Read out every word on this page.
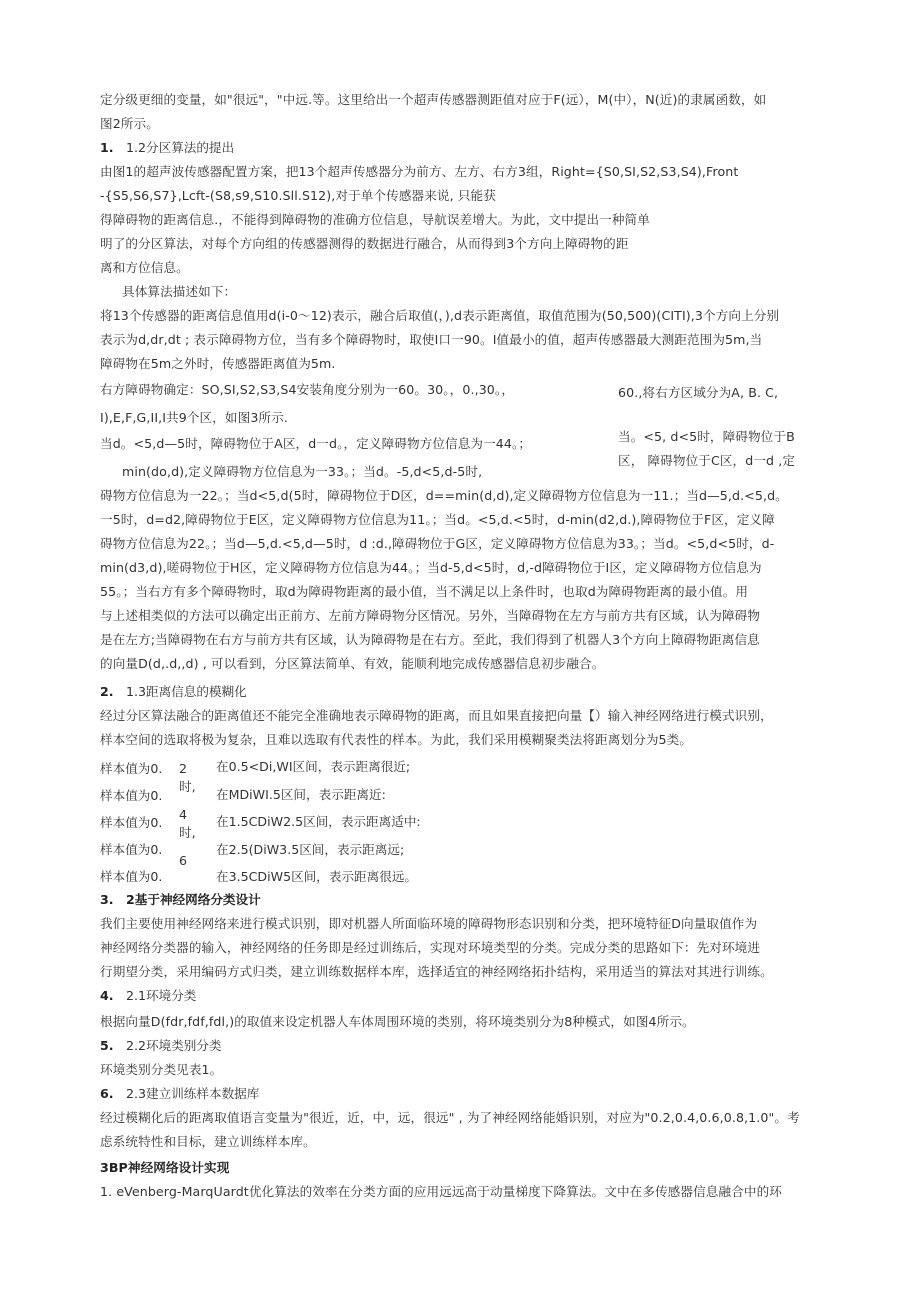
定分级更细的变量，如"很远"，"中远.等。这里给出一个超声传感器测距值对应于F(远），M(中），N(近)的隶属函数，如
图2所示。
1. 1.2分区算法的提出
由图1的超声波传感器配置方案，把13个超声传感器分为前方、左方、右方3组，Right={S0,SI,S2,S3,S4),Front
-{S5,S6,S7},Lcft-(S8,s9,S10.Sll.S12),对于单个传感器来说, 只能获
得障碍物的距离信息.，不能得到障碍物的准确方位信息，导航误差增大。为此，文中提出一种简单
明了的分区算法，对每个方向组的传感器测得的数据进行融合，从而得到3个方向上障碍物的距
离和方位信息。
具体算法描述如下：
将13个传感器的距离信息值用d(i-0〜12)表示，融合后取值(，),d表示距离值，取值范围为(50,500)(CITI),3个方向上分别
表示为d,dr,dt ; 表示障碍物方位，当有多个障碍物时，取使I口一90。I值最小的值，超声传感器最大测距范围为5m,当
障碍物在5m之外时，传感器距离值为5m.
右方障碍物确定：SO,SI,S2,S3,S4安装角度分别为一60。30。，0.,30。，	60.,将右方区域分为A, B. C,
I),E,F,G,II,I共9个区，如图3所示.
当d。<5,d—5时，障碍物位于A区，d一d。，定义障碍物方位信息为一44。；	当。<5, d<5时，障碍物位于B
min(do,d),定义障碍物方位信息为一33。；当d。-5,d<5,d-5时,
区， 障碍物位于C区，d一d ,定
碍物方位信息为一22。；当d<5,d(5时，障碍物位于D区，d==min(d,d),定义障碍物方位信息为一11.；当d—5,d.<5,d。
一5时，d=d2,障碍物位于E区，定义障碍物方位信息为11。；当d。<5,d.<5时，d-min(d2,d.),障碍物位于F区，定义障
碍物方位信息为22。；当d—5,d.<5,d—5时，d :d.,障碍物位于G区，定义障碍物方位信息为33。；当d。<5,d<5时，d-
min(d3,d),嗟碍物位于H区，定义障碍物方位信息为44。；当d-5,d<5时，d,-d障碍物位于I区，定义障碍物方位信息为
55。；当右方有多个障碍物时，取d为障碍物距离的最小值，当不满足以上条件时，也取d为障碍物距离的最小值。用
与上述相类似的方法可以确定出正前方、左前方障碍物分区情况。另外，当障碍物在左方与前方共有区域，认为障碍物
是在左方;当障碍物在右方与前方共有区域，认为障碍物是在右方。至此，我们得到了机器人3个方向上障碍物距离信息
的向量D(d,.d,,d) , 可以看到，分区算法简单、有效，能顺利地完成传感器信息初步融合。
2. 1.3距离信息的模糊化
经过分区算法融合的距离值还不能完全准确地表示障碍物的距离，而且如果直接把向量【）输入神经网络进行模式识别，
样本空间的选取将极为复杂，且难以选取有代表性的样本。为此，我们采用模糊聚类法将距离划分为5类。
样本值为0.
样本值为0.
样本值为0.
样本值为0.
样本值为0.
2
时,
4
时,
6
在0.5<Di,WI区间，表示距离很近;
在MDiWI.5区间，表示距离近:
在1.5CDiW2.5区间，表示距离适中:
在2.5(DiW3.5区间，表示距离远;
在3.5CDiW5区间，表示距离很远。
3. 2基于神经网络分类设计
我们主要使用神经网络来进行模式识别，即对机器人所面临环境的障碍物形态识别和分类，把环境特征D向量取值作为
神经网络分类器的输入，神经网络的任务即是经过训练后，实现对环境类型的分类。完成分类的思路如下：先对环境进
行期望分类，采用编码方式归类，建立训练数据样本库，选择适宜的神经网络拓扑结构，采用适当的算法对其进行训练。
4. 2.1环境分类
根据向量D(fdr,fdf,fdl,)的取值来设定机器人车体周围环境的类别，将环境类别分为8种模式，如图4所示。
5. 2.2环境类别分类
环境类别分类见表1。
6. 2.3建立训练样本数据库
经过模糊化后的距离取值语言变量为"很近，近，中，远，很远" , 为了神经网络能婚识别，对应为"0.2,0.4,0.6,0.8,1.0"。考
虑系统特性和目标，建立训练样本库。
3BP神经网络设计实现
1. eVenberg-MarqUardt优化算法的效率在分类方面的应用远远高于动量梯度下降算法。文中在多传感器信息融合中的环
